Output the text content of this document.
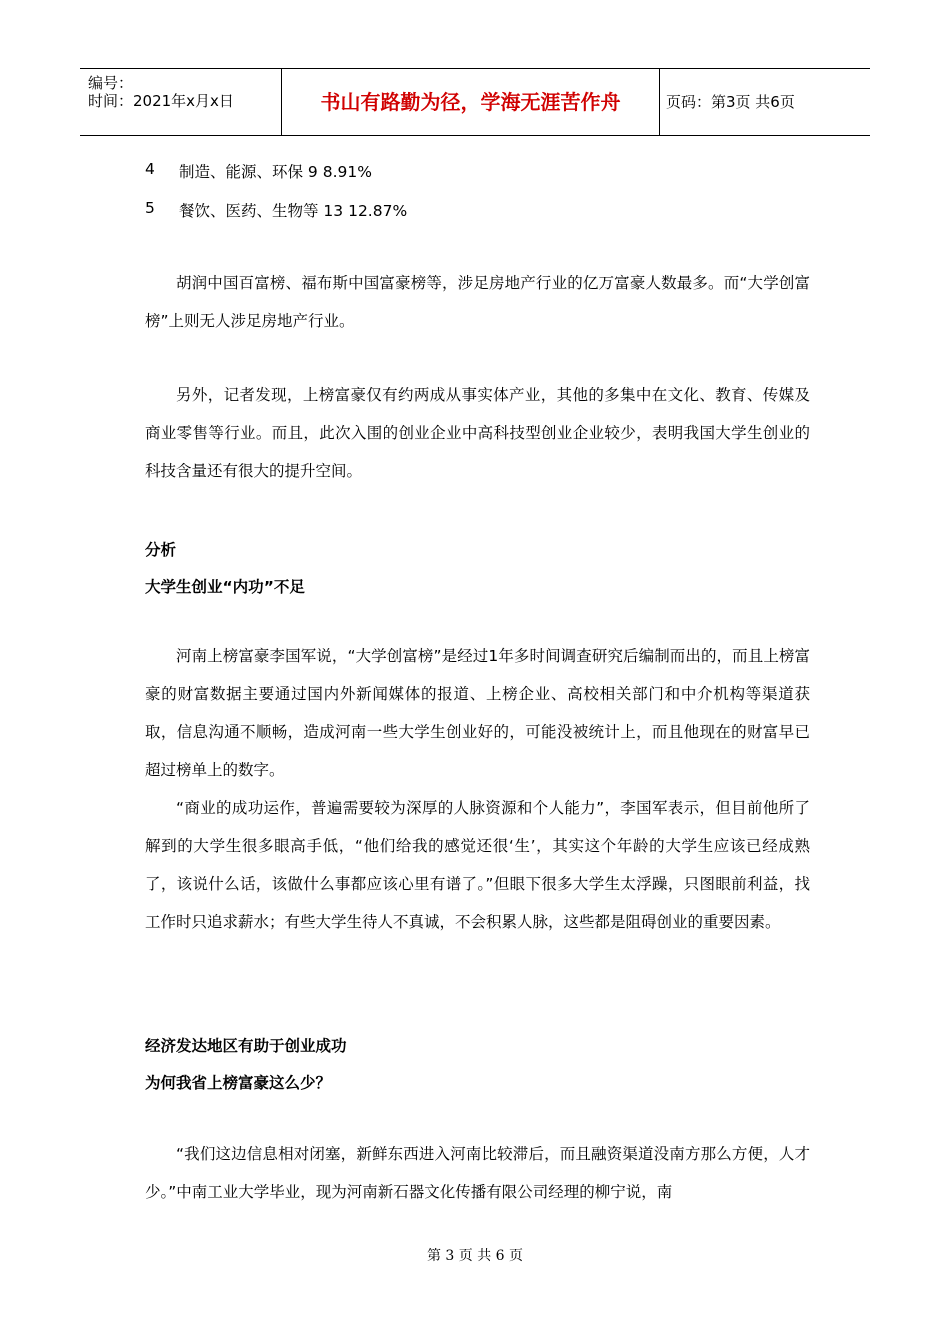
编号：
时间：2021年x月x日	书山有路勤为径，学海无涯苦作舟	页码：第3页 共6页
4 制造、能源、环保 9 8.91%
5 餐饮、医药、生物等 13 12.87%
胡润中国百富榜、福布斯中国富豪榜等，涉足房地产行业的亿万富豪人数最多。而“大学创富榜”上则无人涉足房地产行业。
另外，记者发现，上榜富豪仅有约两成从事实体产业，其他的多集中在文化、教育、传媒及商业零售等行业。而且，此次入围的创业企业中高科技型创业企业较少，表明我国大学生创业的科技含量还有很大的提升空间。
分析
大学生创业“内功”不足
河南上榜富豪李国军说，“大学创富榜”是经过1年多时间调查研究后编制而出的，而且上榜富豪的财富数据主要通过国内外新闻媒体的报道、上榜企业、高校相关部门和中介机构等渠道获取，信息沟通不顺畅，造成河南一些大学生创业好的，可能没被统计上，而且他现在的财富早已超过榜单上的数字。
“商业的成功运作，普遍需要较为深厚的人脉资源和个人能力”，李国军表示，但目前他所了解到的大学生很多眼高手低，“他们给我的感觉还很‘生’，其实这个年龄的大学生应该已经成熟了，该说什么话，该做什么事都应该心里有谱了。”但眼下很多大学生太浮躁，只图眼前利益，找工作时只追求薪水；有些大学生待人不真诚，不会积累人脉，这些都是阻碍创业的重要因素。
经济发达地区有助于创业成功
为何我省上榜富豪这么少？
“我们这边信息相对闭塞，新鲜东西进入河南比较滞后，而且融资渠道没南方那么方便，人才少。”中南工业大学毕业，现为河南新石器文化传播有限公司经理的柳宁说，南
第 3 页 共 6 页
